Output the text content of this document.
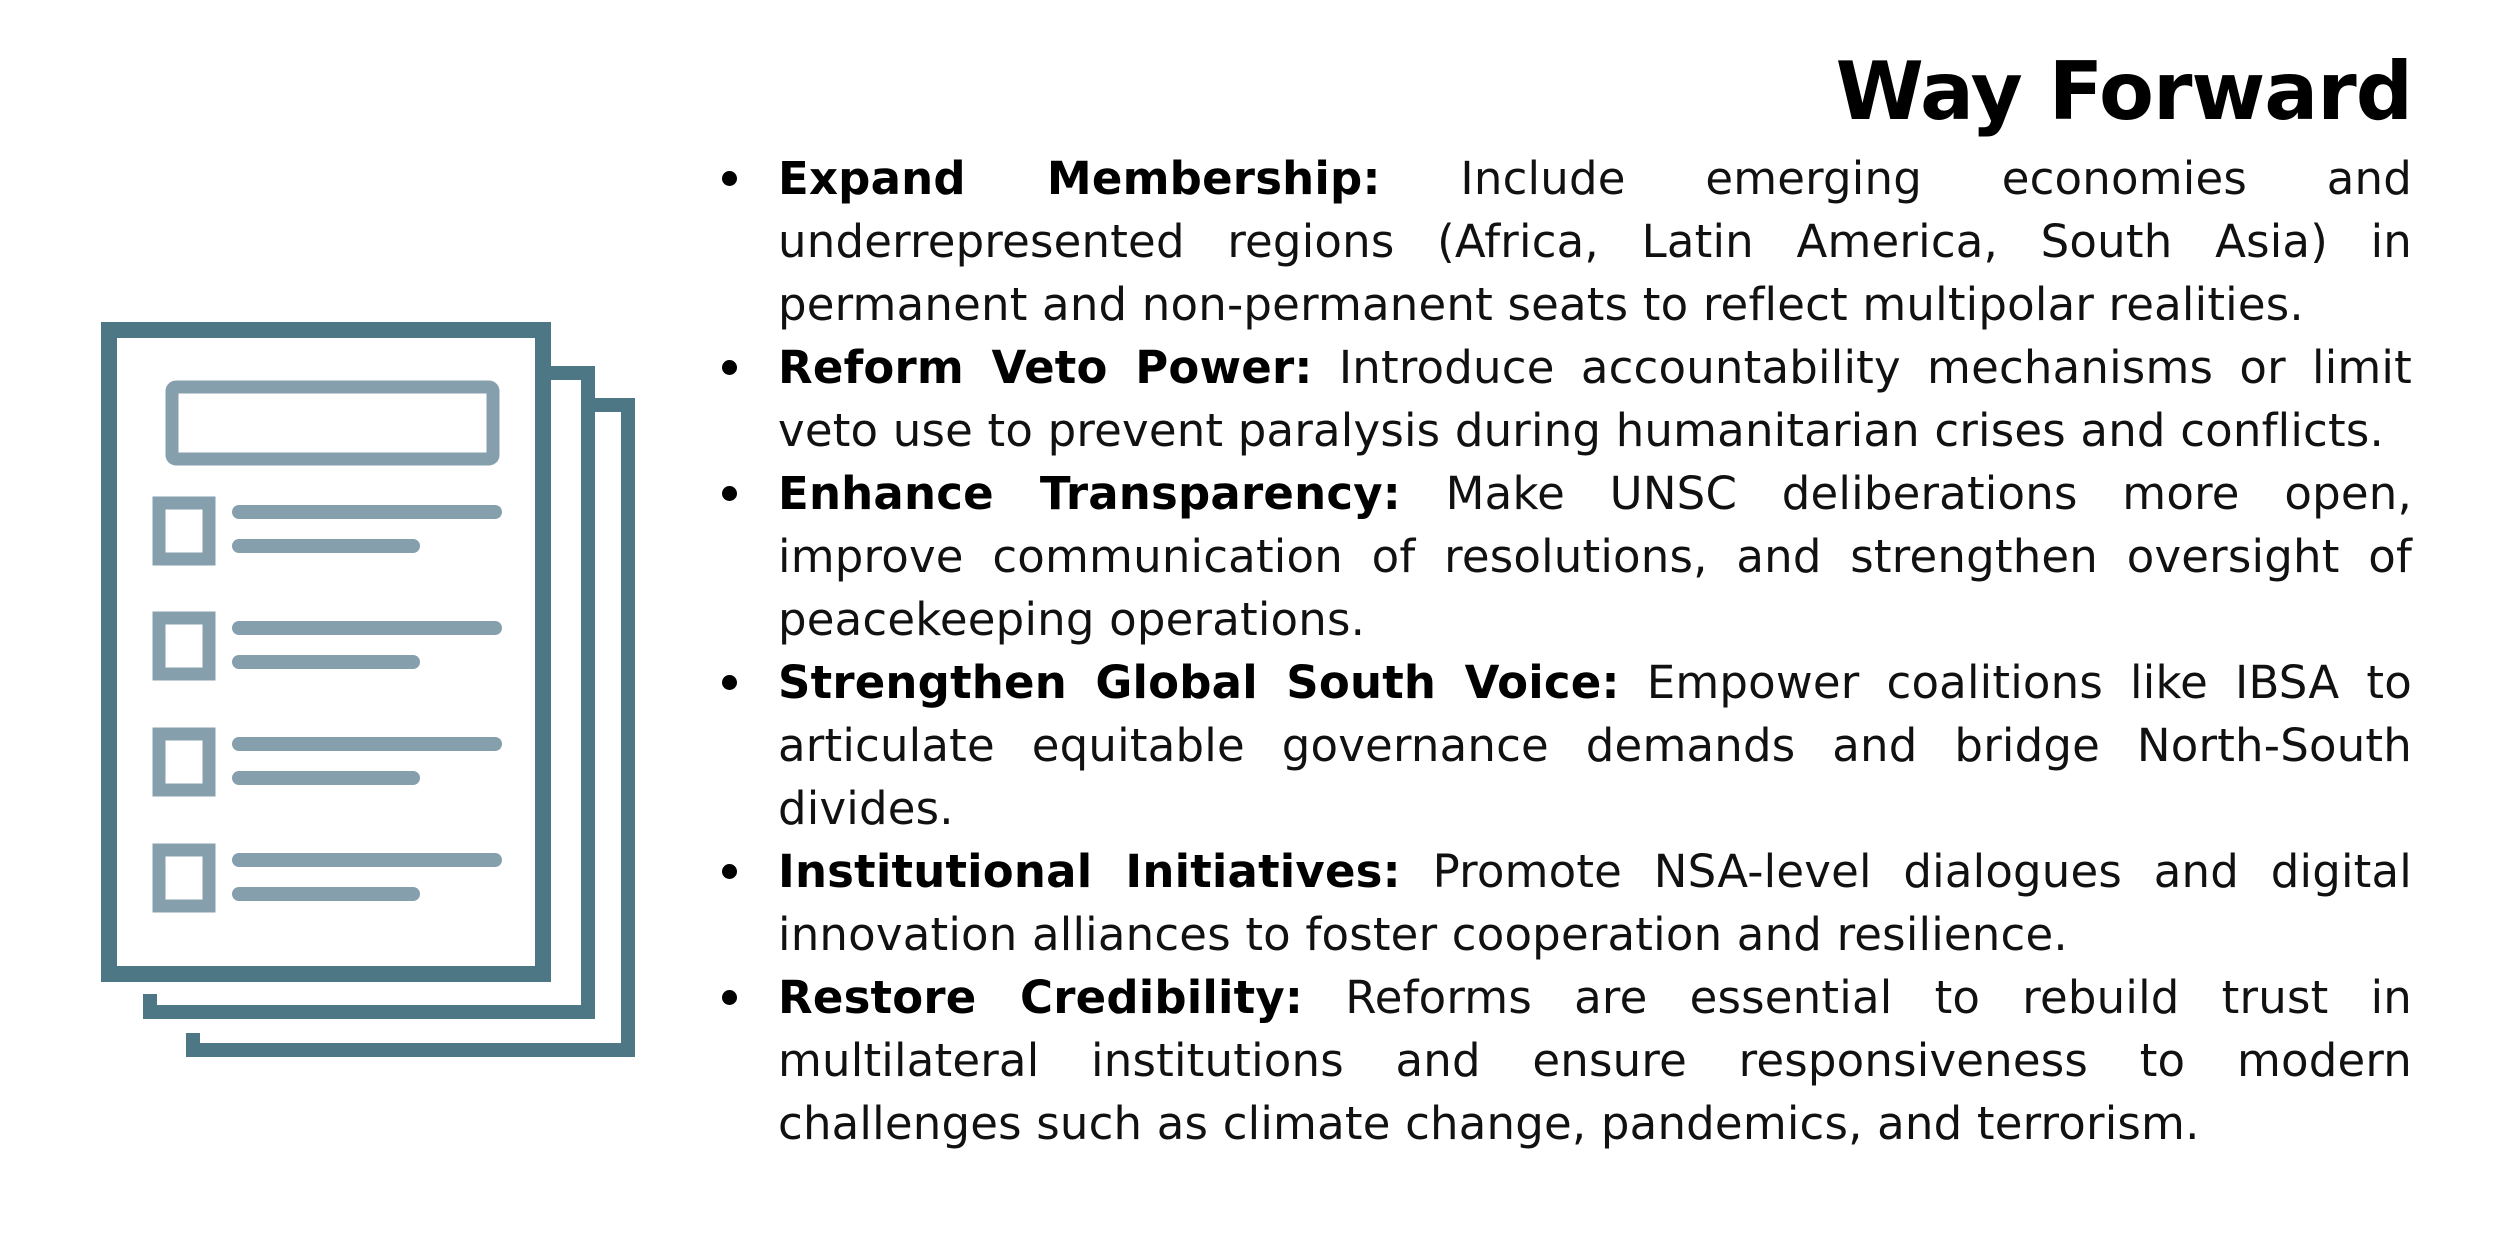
Way Forward
Expand Membership: Include emerging economies and underrepresented regions (Africa, Latin America, South Asia) in permanent and non-permanent seats to reflect multipolar realities.
Reform Veto Power: Introduce accountability mechanisms or limit veto use to prevent paralysis during humanitarian crises and conflicts.
Enhance Transparency: Make UNSC deliberations more open, improve communication of resolutions, and strengthen oversight of peacekeeping operations.
Strengthen Global South Voice: Empower coalitions like IBSA to articulate equitable governance demands and bridge North-South divides.
Institutional Initiatives: Promote NSA-level dialogues and digital innovation alliances to foster cooperation and resilience.
Restore Credibility: Reforms are essential to rebuild trust in multilateral institutions and ensure responsiveness to modern challenges such as climate change, pandemics, and terrorism.
